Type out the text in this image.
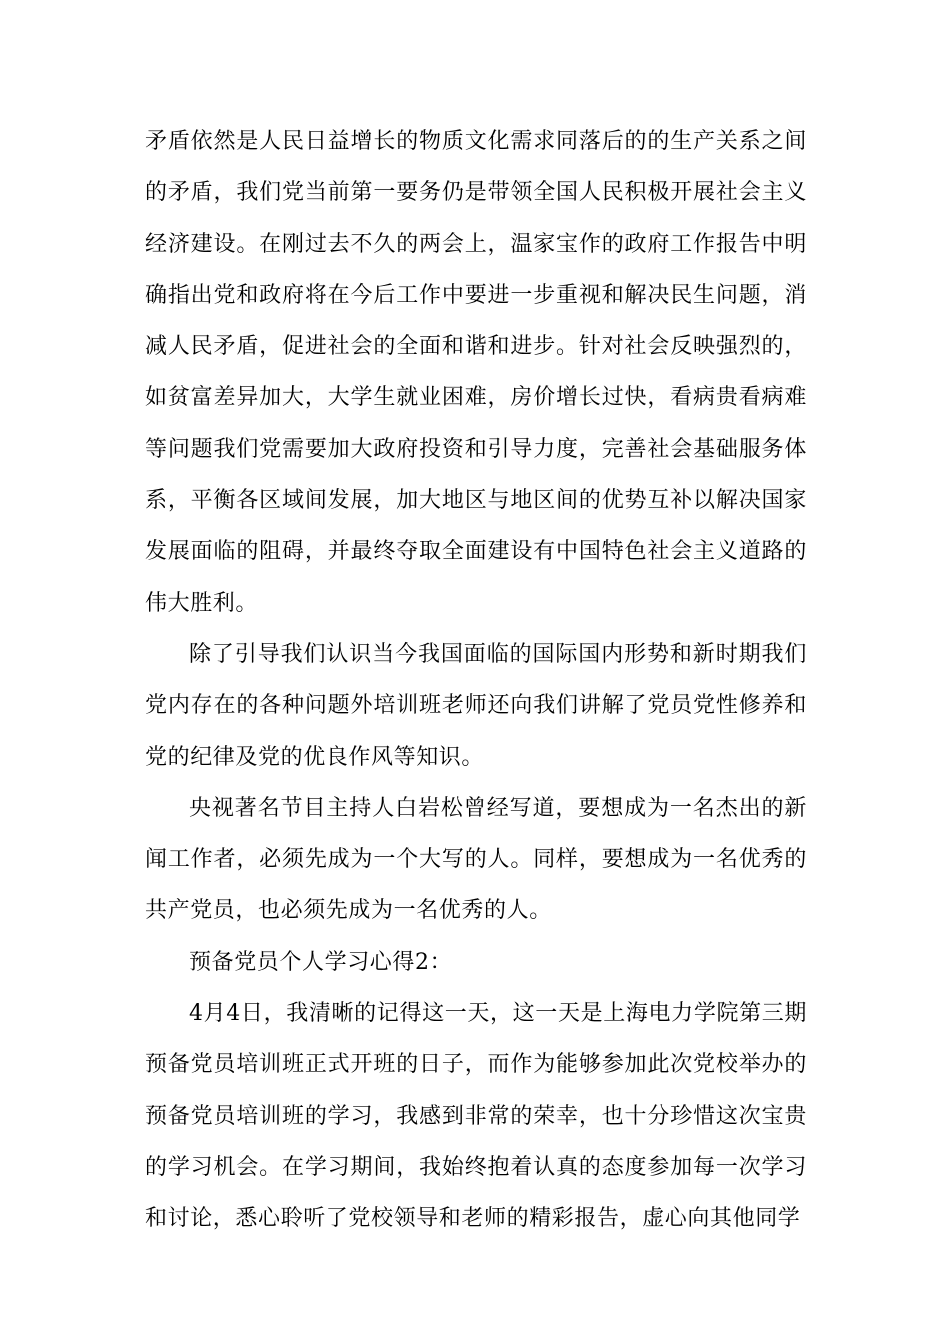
矛盾依然是人民日益增长的物质文化需求同落后的的生产关系之间的矛盾，我们党当前第一要务仍是带领全国人民积极开展社会主义经济建设。在刚过去不久的两会上，温家宝作的政府工作报告中明确指出党和政府将在今后工作中要进一步重视和解决民生问题，消减人民矛盾，促进社会的全面和谐和进步。针对社会反映强烈的，如贫富差异加大，大学生就业困难，房价增长过快，看病贵看病难等问题我们党需要加大政府投资和引导力度，完善社会基础服务体系，平衡各区域间发展，加大地区与地区间的优势互补以解决国家发展面临的阻碍，并最终夺取全面建设有中国特色社会主义道路的伟大胜利。

除了引导我们认识当今我国面临的国际国内形势和新时期我们党内存在的各种问题外培训班老师还向我们讲解了党员党性修养和党的纪律及党的优良作风等知识。

央视著名节目主持人白岩松曾经写道，要想成为一名杰出的新闻工作者，必须先成为一个大写的人。同样，要想成为一名优秀的共产党员，也必须先成为一名优秀的人。

预备党员个人学习心得2：

4月4日，我清晰的记得这一天，这一天是上海电力学院第三期预备党员培训班正式开班的日子，而作为能够参加此次党校举办的预备党员培训班的学习，我感到非常的荣幸，也十分珍惜这次宝贵的学习机会。在学习期间，我始终抱着认真的态度参加每一次学习和讨论，悉心聆听了党校领导和老师的精彩报告，虚心向其他同学
